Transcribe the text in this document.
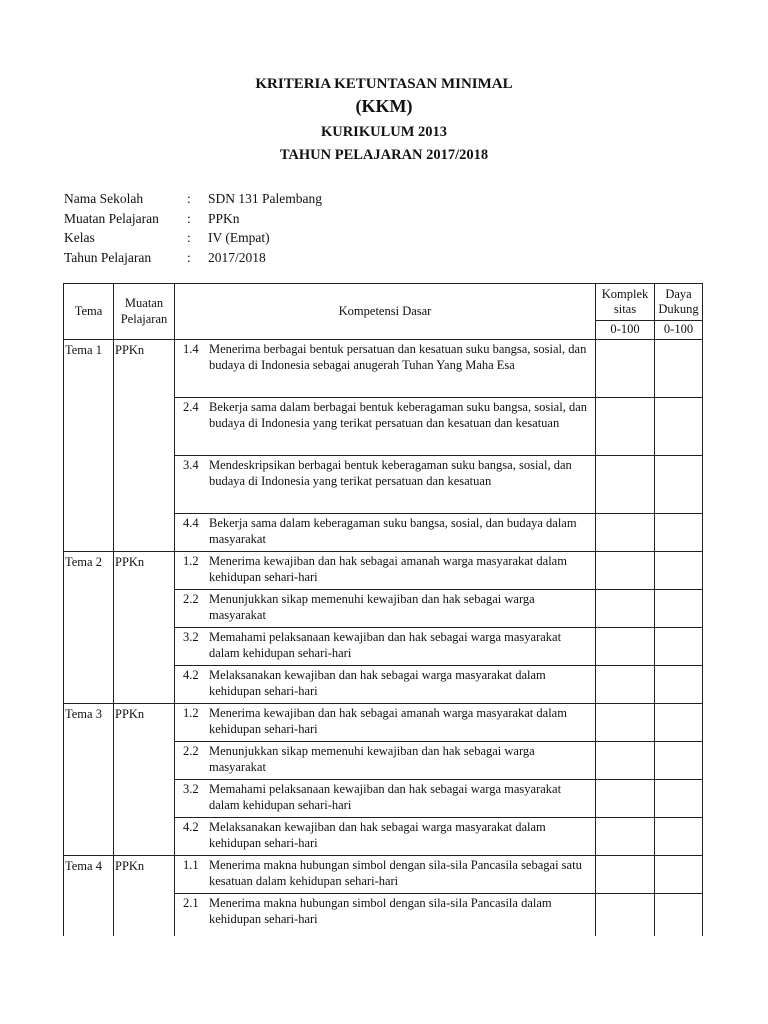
KRITERIA KETUNTASAN MINIMAL
(KKM)
KURIKULUM 2013
TAHUN PELAJARAN 2017/2018
Nama Sekolah	: SDN 131 Palembang
Muatan Pelajaran : PPKn
Kelas	: IV (Empat)
Tahun Pelajaran	: 2017/2018
Tema	Muatan Pelajaran	Kompetensi Dasar	Komplek sitas	Daya Dukung
			0-100	0-100
Tema 1	PPKn	1.4 Menerima berbagai bentuk persatuan dan kesatuan suku bangsa, sosial, dan budaya di Indonesia sebagai anugerah Tuhan Yang Maha Esa		

		2.4 Bekerja sama dalam berbagai bentuk keberagaman suku bangsa, sosial, dan budaya di Indonesia yang terikat persatuan dan kesatuan dan kesatuan		

		3.4 Mendeskripsikan berbagai bentuk keberagaman suku bangsa, sosial, dan budaya di Indonesia yang terikat persatuan dan kesatuan		

		4.4 Bekerja sama dalam keberagaman suku bangsa, sosial, dan budaya dalam masyarakat		

Tema 2	PPKn	1.2 Menerima kewajiban dan hak sebagai amanah warga masyarakat dalam kehidupan sehari-hari		

		2.2 Menunjukkan sikap memenuhi kewajiban dan hak sebagai warga masyarakat		

		3.2 Memahami pelaksanaan kewajiban dan hak sebagai warga masyarakat dalam kehidupan sehari-hari		

		4.2 Melaksanakan kewajiban dan hak sebagai warga masyarakat dalam kehidupan sehari-hari		

Tema 3	PPKn	1.2 Menerima kewajiban dan hak sebagai amanah warga masyarakat dalam kehidupan sehari-hari		

		2.2 Menunjukkan sikap memenuhi kewajiban dan hak sebagai warga masyarakat		

		3.2 Memahami pelaksanaan kewajiban dan hak sebagai warga masyarakat dalam kehidupan sehari-hari		

		4.2 Melaksanakan kewajiban dan hak sebagai warga masyarakat dalam kehidupan sehari-hari		

Tema 4	PPKn	1.1 Menerima makna hubungan simbol dengan sila-sila Pancasila sebagai satu kesatuan dalam kehidupan sehari-hari		

		2.1 Menerima makna hubungan simbol dengan sila-sila Pancasila dalam kehidupan sehari-hari		
